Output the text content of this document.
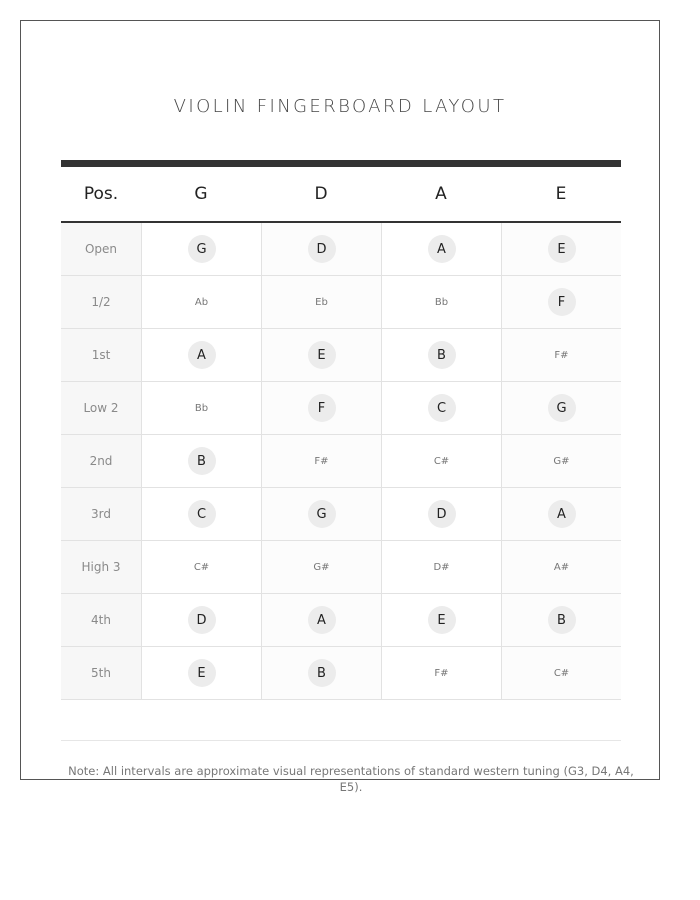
VIOLIN FINGERBOARD LAYOUT
Pos.	G	D	A	E
Open	G	D	A	E
1/2	Ab	Eb	Bb	F
1st	A	E	B	F#
Low 2	Bb	F	C	G
2nd	B	F#	C#	G#
3rd	C	G	D	A
High 3	C#	G#	D#	A#
4th	D	A	E	B
5th	E	B	F#	C#
Note: All intervals are approximate visual representations of standard western tuning (G3, D4, A4, E5).
